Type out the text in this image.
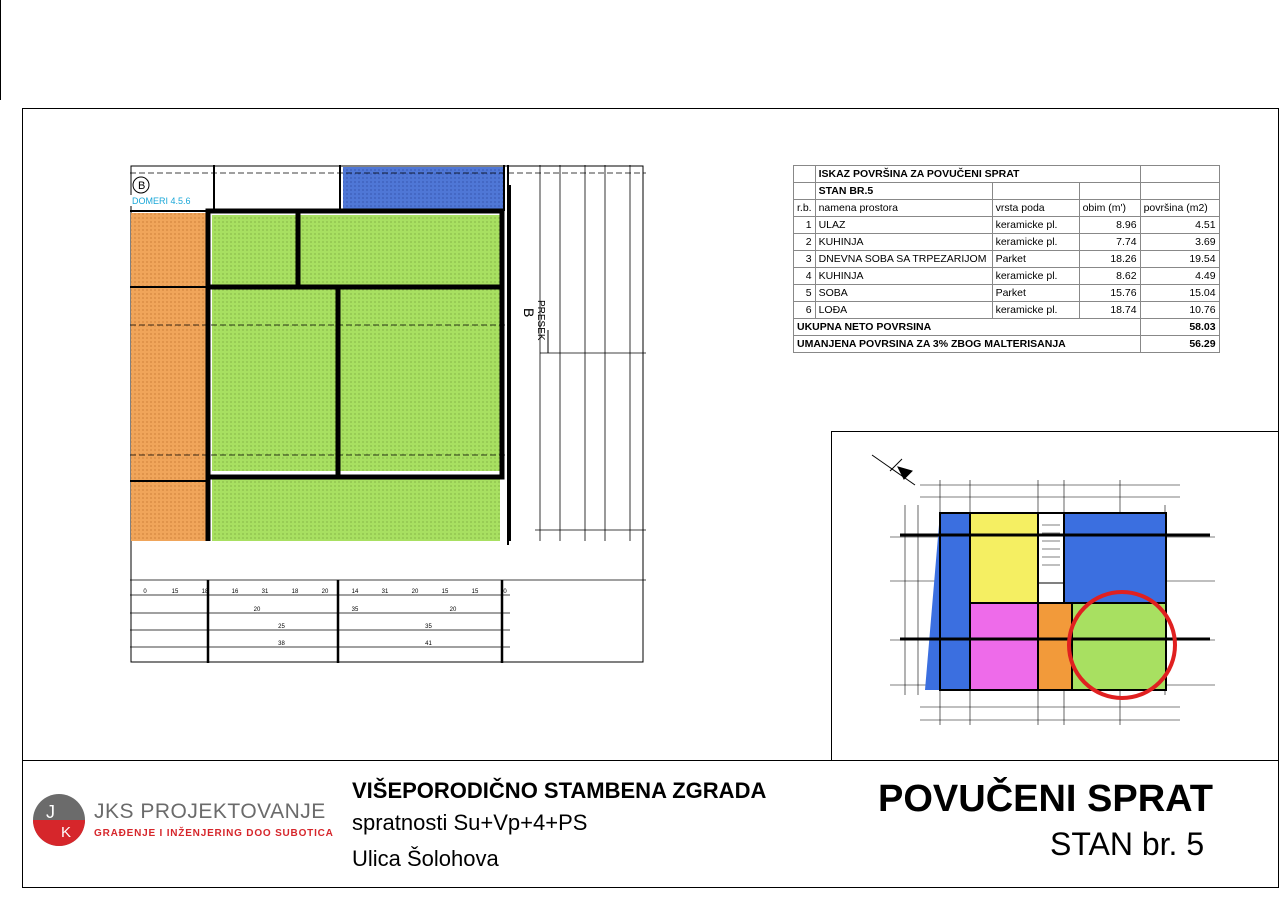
B
DOMERI 4.5.6
PRESEK
B
0	15	18	16	31	18	20	14	31	20	15	15	0
20	35	20
25	35
38	41
	ISKAZ POVRŠINA ZA POVUČENI SPRAT			
	STAN BR.5			
r.b.	namena prostora	vrsta poda	obim (m')	površina (m2)
1	ULAZ	keramicke pl.	8.96	4.51
2	KUHINJA	keramicke pl.	7.74	3.69
3	DNEVNA SOBA SA TRPEZARIJOM	Parket	18.26	19.54
4	KUHINJA	keramicke pl.	8.62	4.49
5	SOBA	Parket	15.76	15.04
6	LOĐA	keramicke pl.	18.74	10.76
UKUPNA NETO POVRSINA				58.03
UMANJENA POVRSINA ZA 3% ZBOG MALTERISANJA				56.29
J
K
JKS PROJEKTOVANJE
GRAĐENJE I INŽENJERING DOO SUBOTICA
VIŠEPORODIČNO STAMBENA ZGRADA
spratnosti Su+Vp+4+PS
Ulica Šolohova
POVUČENI SPRAT
STAN br. 5
